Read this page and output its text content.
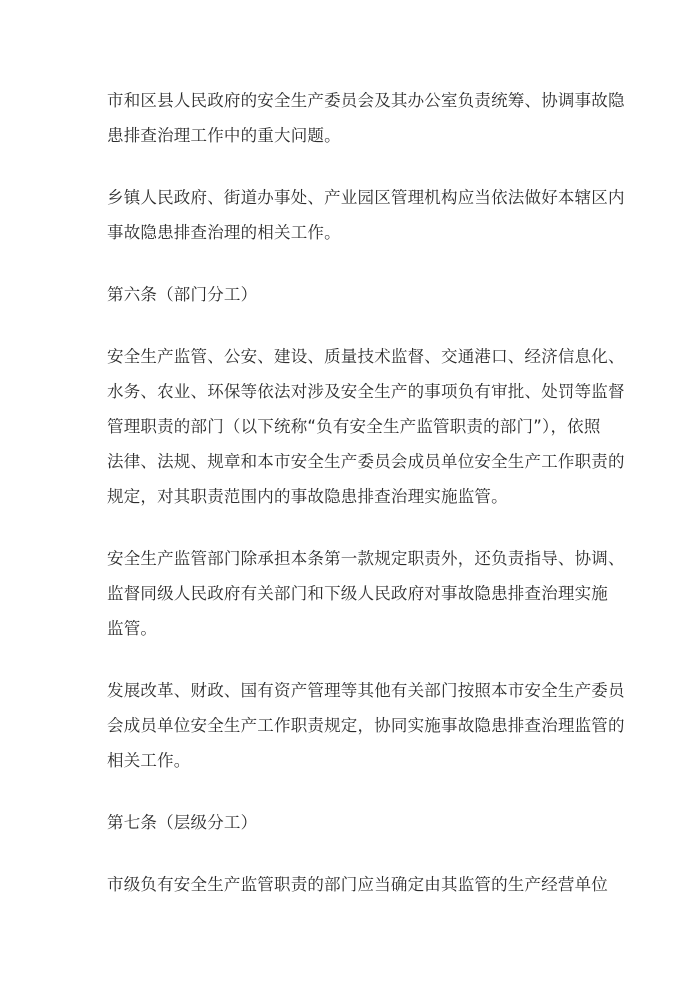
市和区县人民政府的安全生产委员会及其办公室负责统筹、协调事故隐
患排查治理工作中的重大问题。

乡镇人民政府、街道办事处、产业园区管理机构应当依法做好本辖区内
事故隐患排查治理的相关工作。

第六条（部门分工）

安全生产监管、公安、建设、质量技术监督、交通港口、经济信息化、
水务、农业、环保等依法对涉及安全生产的事项负有审批、处罚等监督
管理职责的部门（以下统称“负有安全生产监管职责的部门”），依照
法律、法规、规章和本市安全生产委员会成员单位安全生产工作职责的
规定，对其职责范围内的事故隐患排查治理实施监管。

安全生产监管部门除承担本条第一款规定职责外，还负责指导、协调、
监督同级人民政府有关部门和下级人民政府对事故隐患排查治理实施
监管。

发展改革、财政、国有资产管理等其他有关部门按照本市安全生产委员
会成员单位安全生产工作职责规定，协同实施事故隐患排查治理监管的
相关工作。

第七条（层级分工）

市级负有安全生产监管职责的部门应当确定由其监管的生产经营单位
